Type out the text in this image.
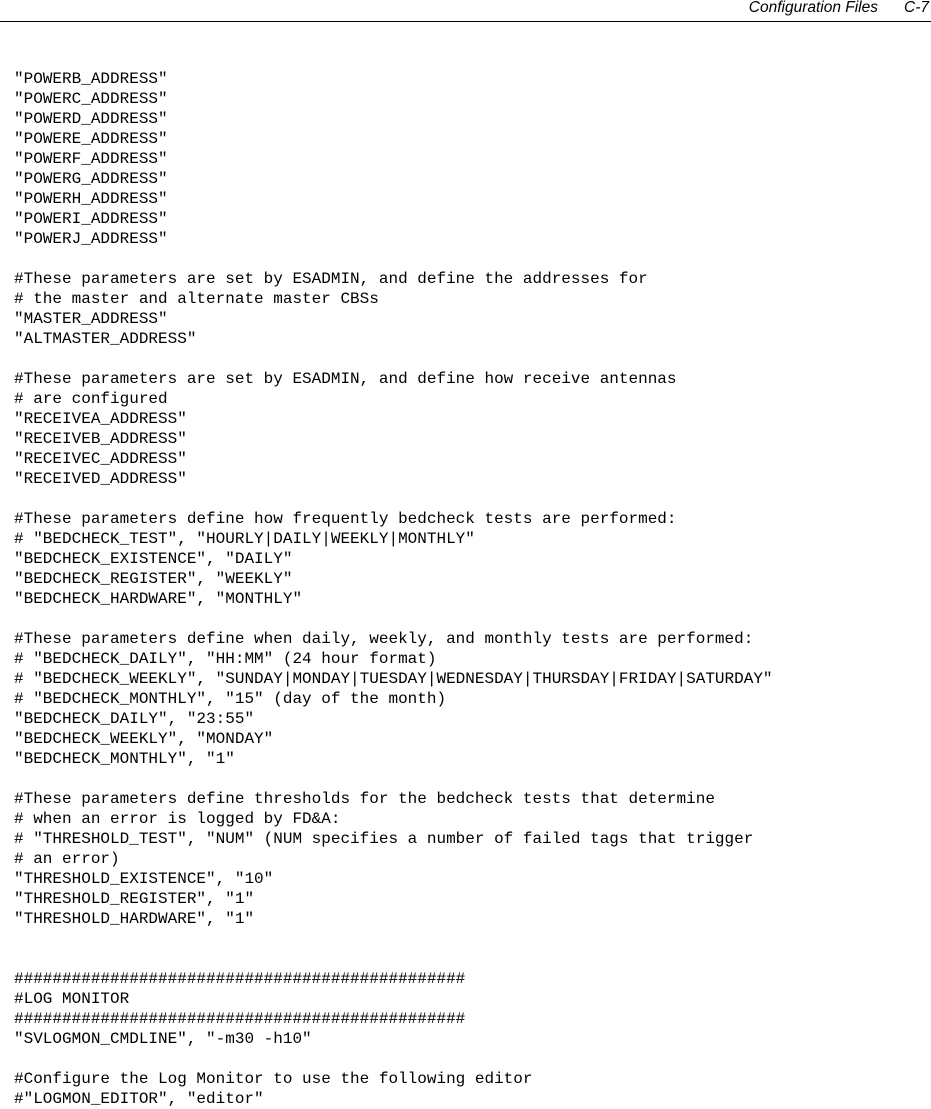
Configuration Files C-7
"POWERB_ADDRESS"
"POWERC_ADDRESS"
"POWERD_ADDRESS"
"POWERE_ADDRESS"
"POWERF_ADDRESS"
"POWERG_ADDRESS"
"POWERH_ADDRESS"
"POWERI_ADDRESS"
"POWERJ_ADDRESS"
#These parameters are set by ESADMIN, and define the addresses for
# the master and alternate master CBSs
"MASTER_ADDRESS"
"ALTMASTER_ADDRESS"
#These parameters are set by ESADMIN, and define how receive antennas
# are configured
"RECEIVEA_ADDRESS"
"RECEIVEB_ADDRESS"
"RECEIVEC_ADDRESS"
"RECEIVED_ADDRESS"
#These parameters define how frequently bedcheck tests are performed:
# "BEDCHECK_TEST", "HOURLY|DAILY|WEEKLY|MONTHLY"
"BEDCHECK_EXISTENCE", "DAILY"
"BEDCHECK_REGISTER", "WEEKLY"
"BEDCHECK_HARDWARE", "MONTHLY"
#These parameters define when daily, weekly, and monthly tests are performed:
# "BEDCHECK_DAILY", "HH:MM" (24 hour format)
# "BEDCHECK_WEEKLY", "SUNDAY|MONDAY|TUESDAY|WEDNESDAY|THURSDAY|FRIDAY|SATURDAY"
# "BEDCHECK_MONTHLY", "15" (day of the month)
"BEDCHECK_DAILY", "23:55"
"BEDCHECK_WEEKLY", "MONDAY"
"BEDCHECK_MONTHLY", "1"
#These parameters define thresholds for the bedcheck tests that determine
# when an error is logged by FD&A:
# "THRESHOLD_TEST", "NUM" (NUM specifies a number of failed tags that trigger
# an error)
"THRESHOLD_EXISTENCE", "10"
"THRESHOLD_REGISTER", "1"
"THRESHOLD_HARDWARE", "1"
###############################################
#LOG MONITOR
###############################################
"SVLOGMON_CMDLINE", "-m30 -h10"
#Configure the Log Monitor to use the following editor
#"LOGMON_EDITOR", "editor"
